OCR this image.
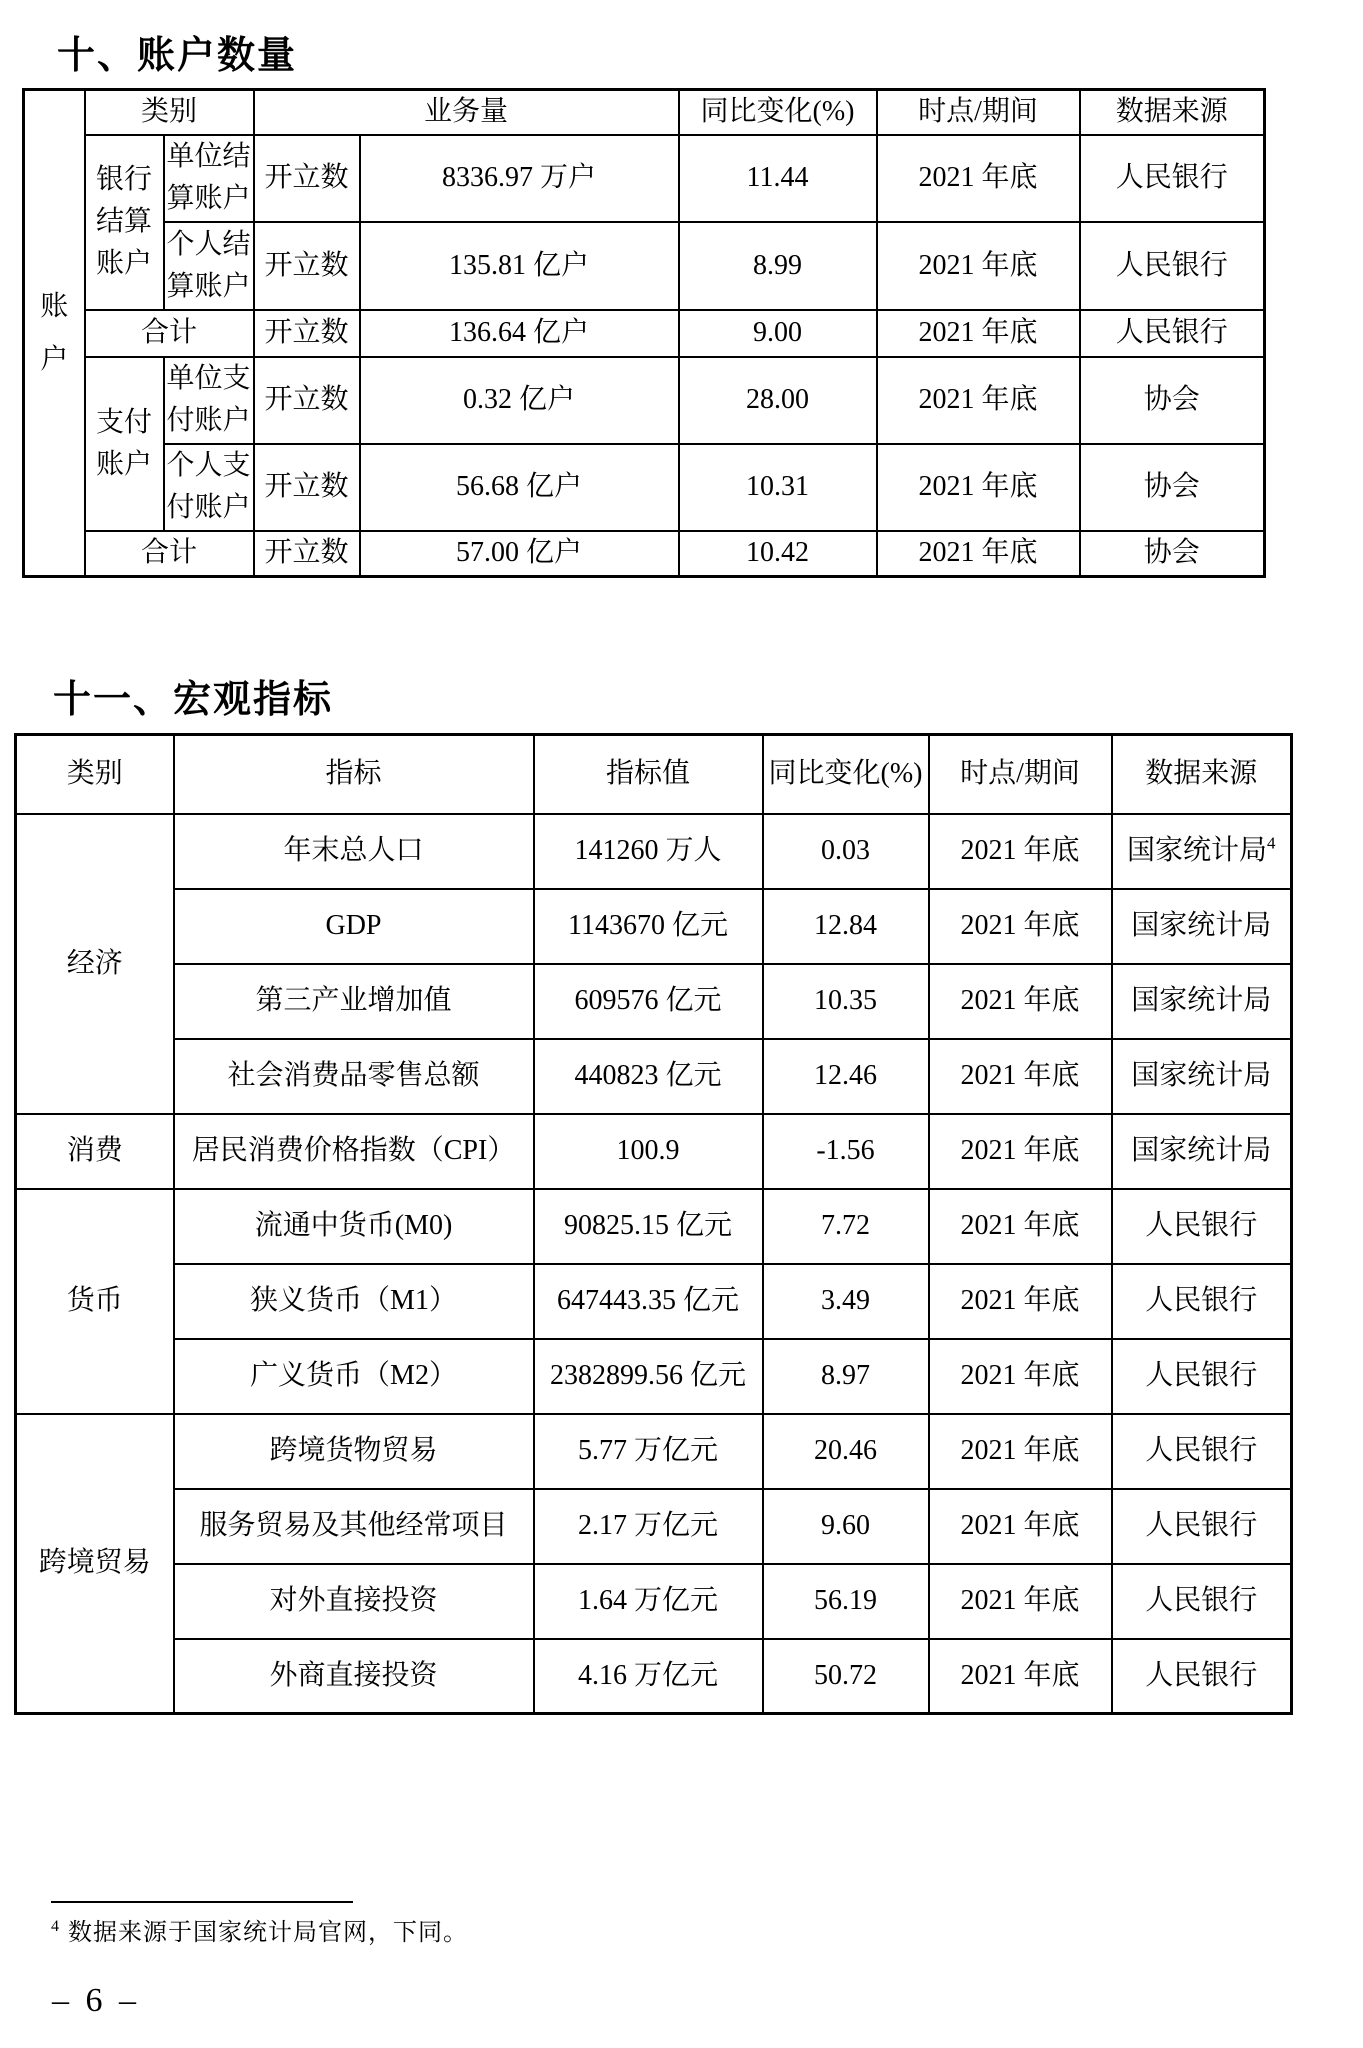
十、账户数量
账户	类别		业务量		同比变化(%)	时点/期间	数据来源
	银行结算账户	单位结算账户	开立数	8336.97 万户	11.44	2021 年底	人民银行
		个人结算账户	开立数	135.81 亿户	8.99	2021 年底	人民银行
	合计		开立数	136.64 亿户	9.00	2021 年底	人民银行
	支付账户	单位支付账户	开立数	0.32 亿户	28.00	2021 年底	协会
		个人支付账户	开立数	56.68 亿户	10.31	2021 年底	协会
	合计		开立数	57.00 亿户	10.42	2021 年底	协会
十一、宏观指标
类别	指标	指标值	同比变化(%)	时点/期间	数据来源
经济	年末总人口	141260 万人	0.03	2021 年底	国家统计局$^4$
	GDP	1143670 亿元	12.84	2021 年底	国家统计局
	第三产业增加值	609576 亿元	10.35	2021 年底	国家统计局
	社会消费品零售总额	440823 亿元	12.46	2021 年底	国家统计局
消费	居民消费价格指数（CPI）	100.9	-1.56	2021 年底	国家统计局
货币	流通中货币(M0)	90825.15 亿元	7.72	2021 年底	人民银行
	狭义货币（M1）	647443.35 亿元	3.49	2021 年底	人民银行
	广义货币（M2）	2382899.56 亿元	8.97	2021 年底	人民银行
跨境贸易	跨境货物贸易	5.77 万亿元	20.46	2021 年底	人民银行
	服务贸易及其他经常项目	2.17 万亿元	9.60	2021 年底	人民银行
	对外直接投资	1.64 万亿元	56.19	2021 年底	人民银行
	外商直接投资	4.16 万亿元	50.72	2021 年底	人民银行
$^4$ 数据来源于国家统计局官网，下同。
– 6 –
